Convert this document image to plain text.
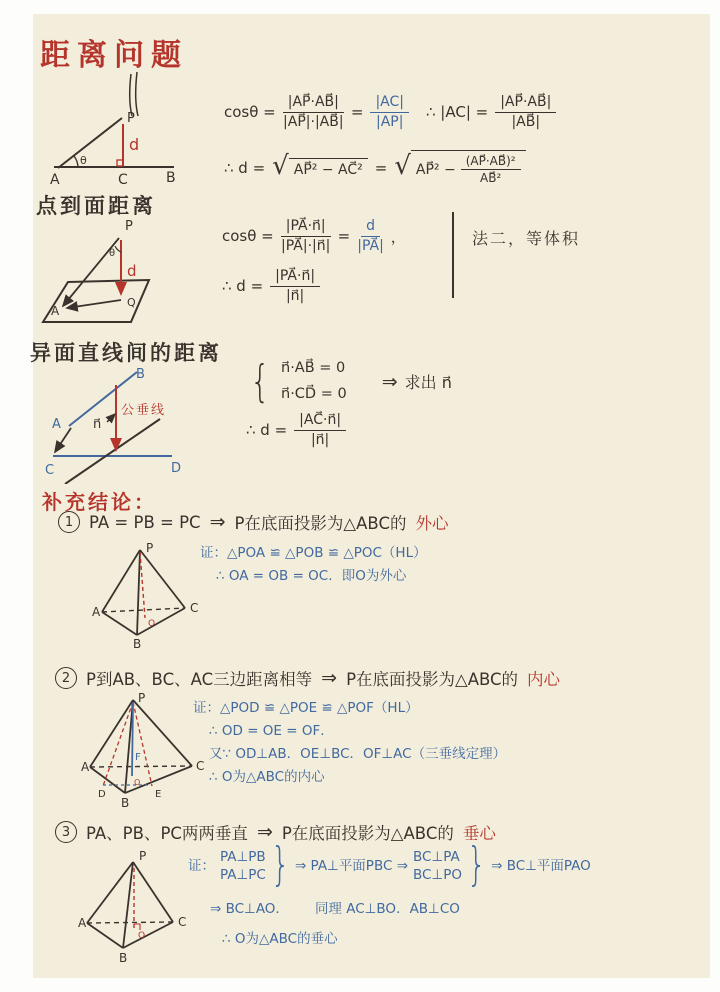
距离问题
θ
P
d
A	C	B
$\cos\theta = \frac{|AP⃗\cdot AB⃗|}{|AP⃗|\cdot|AB⃗|} = \frac{|AC|}{|AP|}$ ∴ $|AC| = \frac{|AP⃗\cdot AB⃗|}{|AB⃗|}$
∴ d = √ AP⃗² − AC⃗² = √ AP⃗² − $\frac{\text{(AP⃗·AB⃗)²}}{\text{AB⃗²}}$
点到面距离
P
θ
d
Q
A
$\cos\theta = \frac{|PA⃗\cdot n⃗|}{|PA⃗|\cdot|n⃗|} = \frac{d}{|PA⃗|}$ ，	法二，等体积
∴ $d = \frac{|PA⃗\cdot n⃗|}{|n⃗|}$
异面直线间的距离
B
A
C	D
n⃗
公垂线
{ n⃗·AB⃗ = 0
n⃗·CD⃗ = 0
⇒ 求出 n⃗
∴ $d = \frac{|AC⃗\cdot n⃗|}{|n⃗|}$
补充结论：
1 PA = PB = PC ⇒ P在底面投影为△ABC的 外心
证：△POA ≌ △POB ≌ △POC（HL）
∴ OA = OB = OC．即O为外心
P
A	C
B
O
2 P到AB、BC、AC三边距离相等 ⇒ P在底面投影为△ABC的 内心
证：△POD ≌ △POE ≌ △POF（HL）
∴ OD = OE = OF．
又∵ OD⊥AB．OE⊥BC．OF⊥AC（三垂线定理）
∴ O为△ABC的内心
P
A	C
B
D	E
F
O
3 PA、PB、PC两两垂直 ⇒ P在底面投影为△ABC的 垂心
证：
PA⊥PB
PA⊥PC } ⇒ PA⊥平面PBC ⇒
BC⊥PA
BC⊥PO } ⇒ BC⊥平面PAO
⇒ BC⊥AO． 同理 AC⊥BO．AB⊥CO
∴ O为△ABC的垂心
P
A	C
B
O
